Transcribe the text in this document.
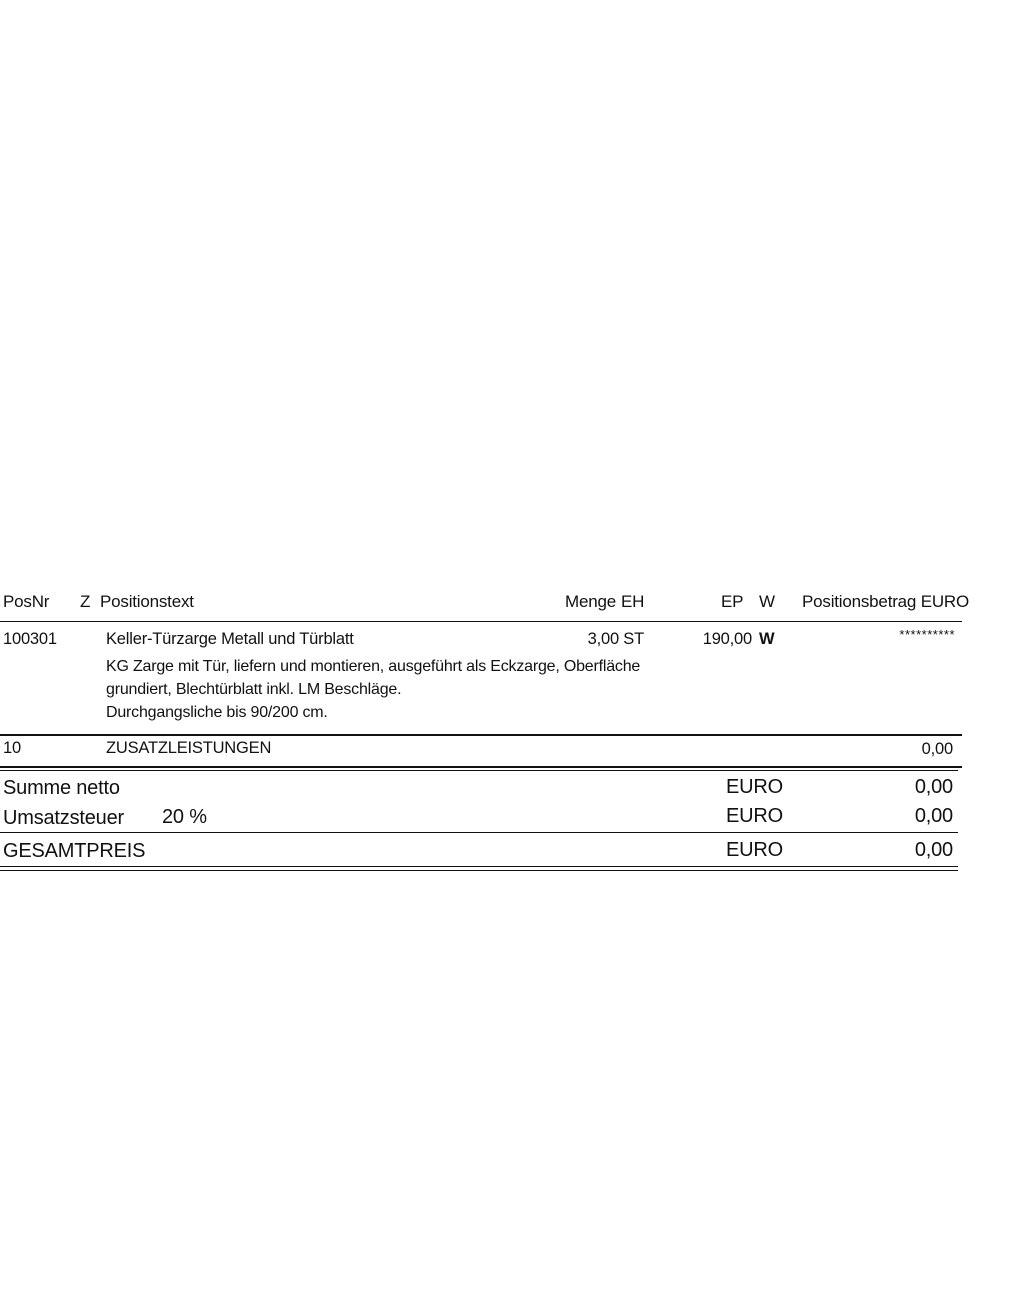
PosNr Z Positionstext	Menge EH	EP W Positionsbetrag EURO
100301	Keller-Türzarge Metall und Türblatt	3,00 ST	190,00 W	**********
KG Zarge mit Tür, liefern und montieren, ausgeführt als Eckzarge, Oberfläche
grundiert, Blechtürblatt inkl. LM Beschläge.
Durchgangsliche bis 90/200 cm.
10	ZUSATZLEISTUNGEN	0,00
Summe netto	EURO	0,00
Umsatzsteuer 20 %	EURO	0,00
GESAMTPREIS	EURO	0,00
